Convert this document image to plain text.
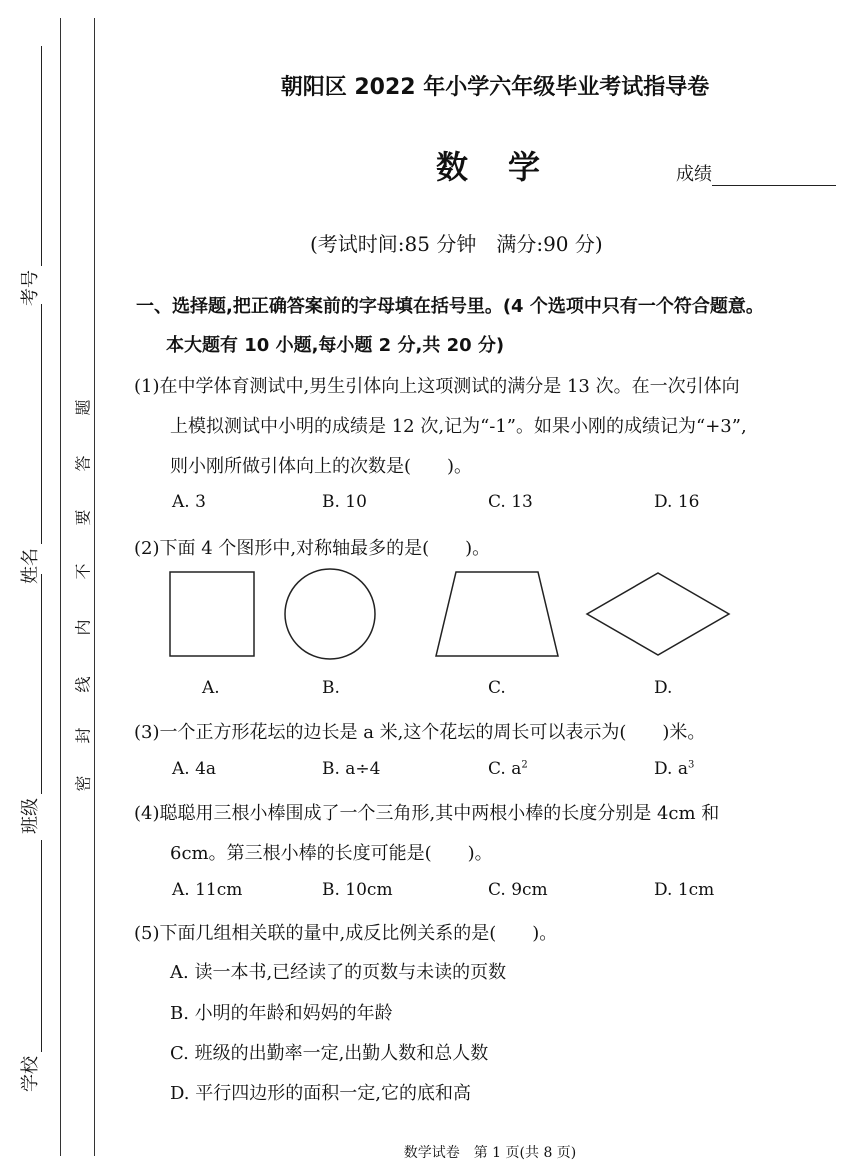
考号
姓名
班级
学校
密
封
线
内
不
要
答
题
朝阳区 2022 年小学六年级毕业考试指导卷
数学	成绩
(考试时间:85 分钟　满分:90 分)
一、选择题,把正确答案前的字母填在括号里。(4 个选项中只有一个符合题意。
本大题有 10 小题,每小题 2 分,共 20 分)
(1)在中学体育测试中,男生引体向上这项测试的满分是 13 次。在一次引体向
上模拟测试中小明的成绩是 12 次,记为“-1”。如果小刚的成绩记为“+3”,
则小刚所做引体向上的次数是(　　)。
A. 3	B. 10	C. 13	D. 16
(2)下面 4 个图形中,对称轴最多的是(　　)。
A.	B.	C.	D.
(3)一个正方形花坛的边长是 a 米,这个花坛的周长可以表示为(　　)米。
A. 4a	B. a÷4	C. $a^2$	D. $a^3$
(4)聪聪用三根小棒围成了一个三角形,其中两根小棒的长度分别是 4cm 和
6cm。第三根小棒的长度可能是(　　)。
A. 11cm	B. 10cm	C. 9cm	D. 1cm
(5)下面几组相关联的量中,成反比例关系的是(　　)。
A. 读一本书,已经读了的页数与未读的页数
B. 小明的年龄和妈妈的年龄
C. 班级的出勤率一定,出勤人数和总人数
D. 平行四边形的面积一定,它的底和高
数学试卷　第 1 页(共 8 页)
